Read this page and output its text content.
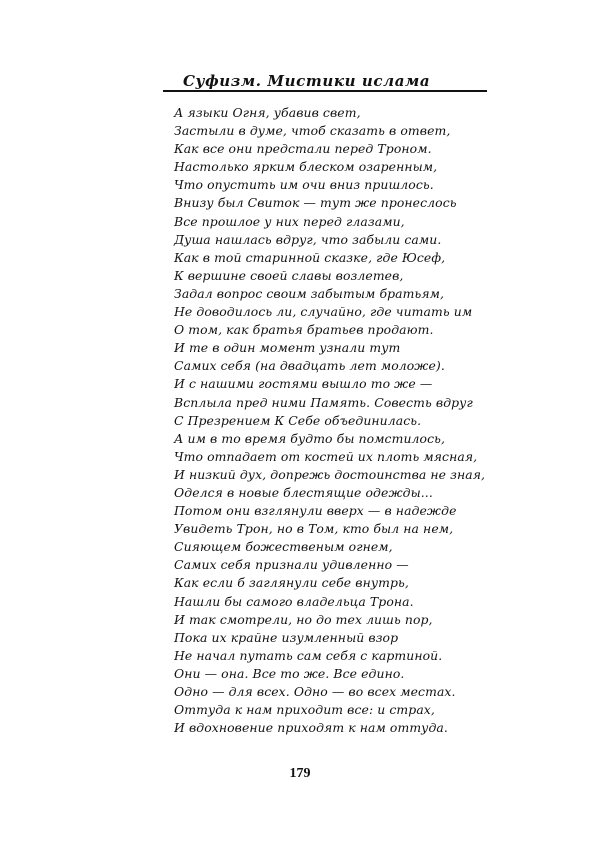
Суфизм. Мистики ислама
А языки Огня, убавив свет,
Застыли в думе, чтоб сказать в ответ,
Как все они предстали перед Троном.
Настолько ярким блеском озаренным,
Что опустить им очи вниз пришлось.
Внизу был Свиток — тут же пронеслось
Все прошлое у них перед глазами,
Душа нашлась вдруг, что забыли сами.
Как в той старинной сказке, где Юсеф,
К вершине своей славы возлетев,
Задал вопрос своим забытым братьям,
Не доводилось ли, случайно, где читать им
О том, как братья братьев продают.
И те в один момент узнали тут
Самих себя (на двадцать лет моложе).
И с нашими гостями вышло то же —
Всплыла пред ними Память. Совесть вдруг
С Презрением К Себе объединилась.
А им в то время будто бы помстилось,
Что отпадает от костей их плоть мясная,
И низкий дух, допрежь достоинства не зная,
Оделся в новые блестящие одежды...
Потом они взглянули вверх — в надежде
Увидеть Трон, но в Том, кто был на нем,
Сияющем божественым огнем,
Самих себя признали удивленно —
Как если б заглянули себе внутрь,
Нашли бы самого владельца Трона.
И так смотрели, но до тех лишь пор,
Пока их крайне изумленный взор
Не начал путать сам себя с картиной.
Они — она. Все то же. Все едино.
Одно — для всех. Одно — во всех местах.
Оттуда к нам приходит все: и страх,
И вдохновение приходят к нам оттуда.
179
